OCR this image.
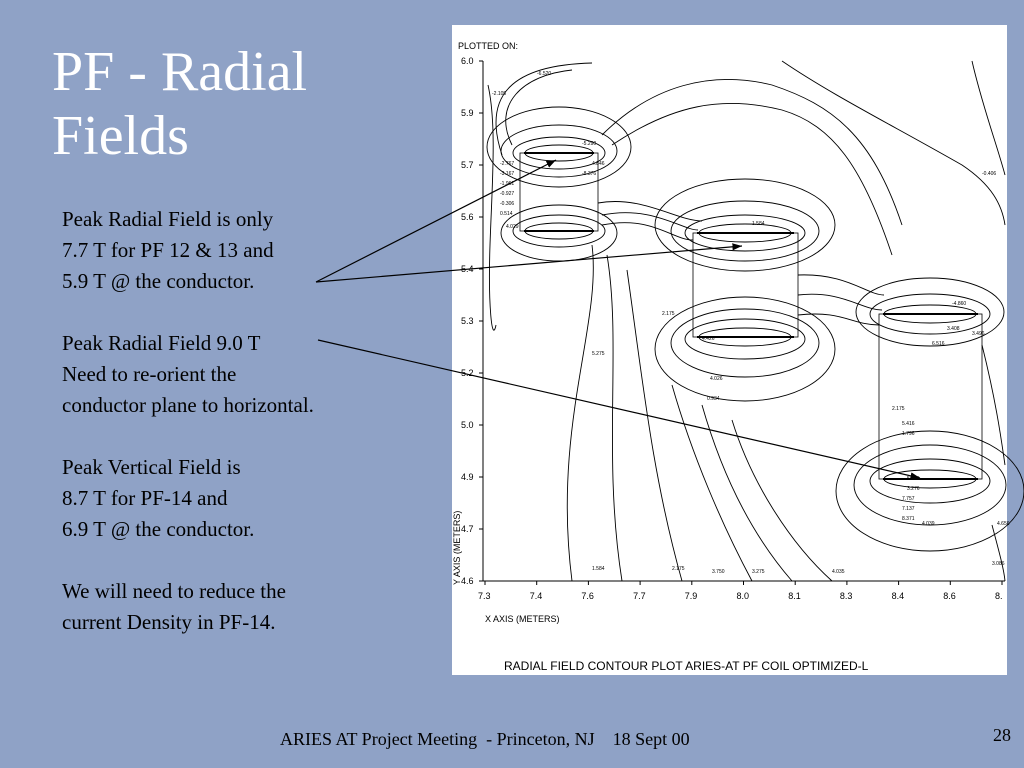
PF - Radial
Fields
Peak Radial Field is only
7.7 T for PF 12 & 13 and
5.9 T @ the conductor.
Peak Radial Field 9.0 T
Need to re-orient the
conductor plane to horizontal.
Peak Vertical Field is
8.7 T for PF-14 and
6.9 T @ the conductor.
We will need to reduce the
current Density in PF-14.
PLOTTED ON:
6.0
5.9
5.7
5.6
5.4
5.3
5.2
5.0
4.9
4.7
4.6
7.3	7.4	7.6	7.7	7.9	8.0	8.1	8.3	8.4	8.6	8.
-2.105
-2.767
-3.167
-1.961
-0.927
-0.306
0.514
4.029
-6.520
-5.290
4.846
-8.376
1.584
2.175
5.275
4.426
4.026
0.934
2.175
5.416
1.796
3.408
6.516
5.896
3.276
7.757
7.137
8.371
4.039
-0.406
-4.860
1.584	2.175	3.750	3.275	4.035
3.086
4.656
3.496
X AXIS (METERS)
Y AXIS (METERS)
RADIAL FIELD CONTOUR PLOT ARIES-AT PF COIL OPTIMIZED-L
ARIES AT Project Meeting  - Princeton, NJ    18 Sept 00	28
